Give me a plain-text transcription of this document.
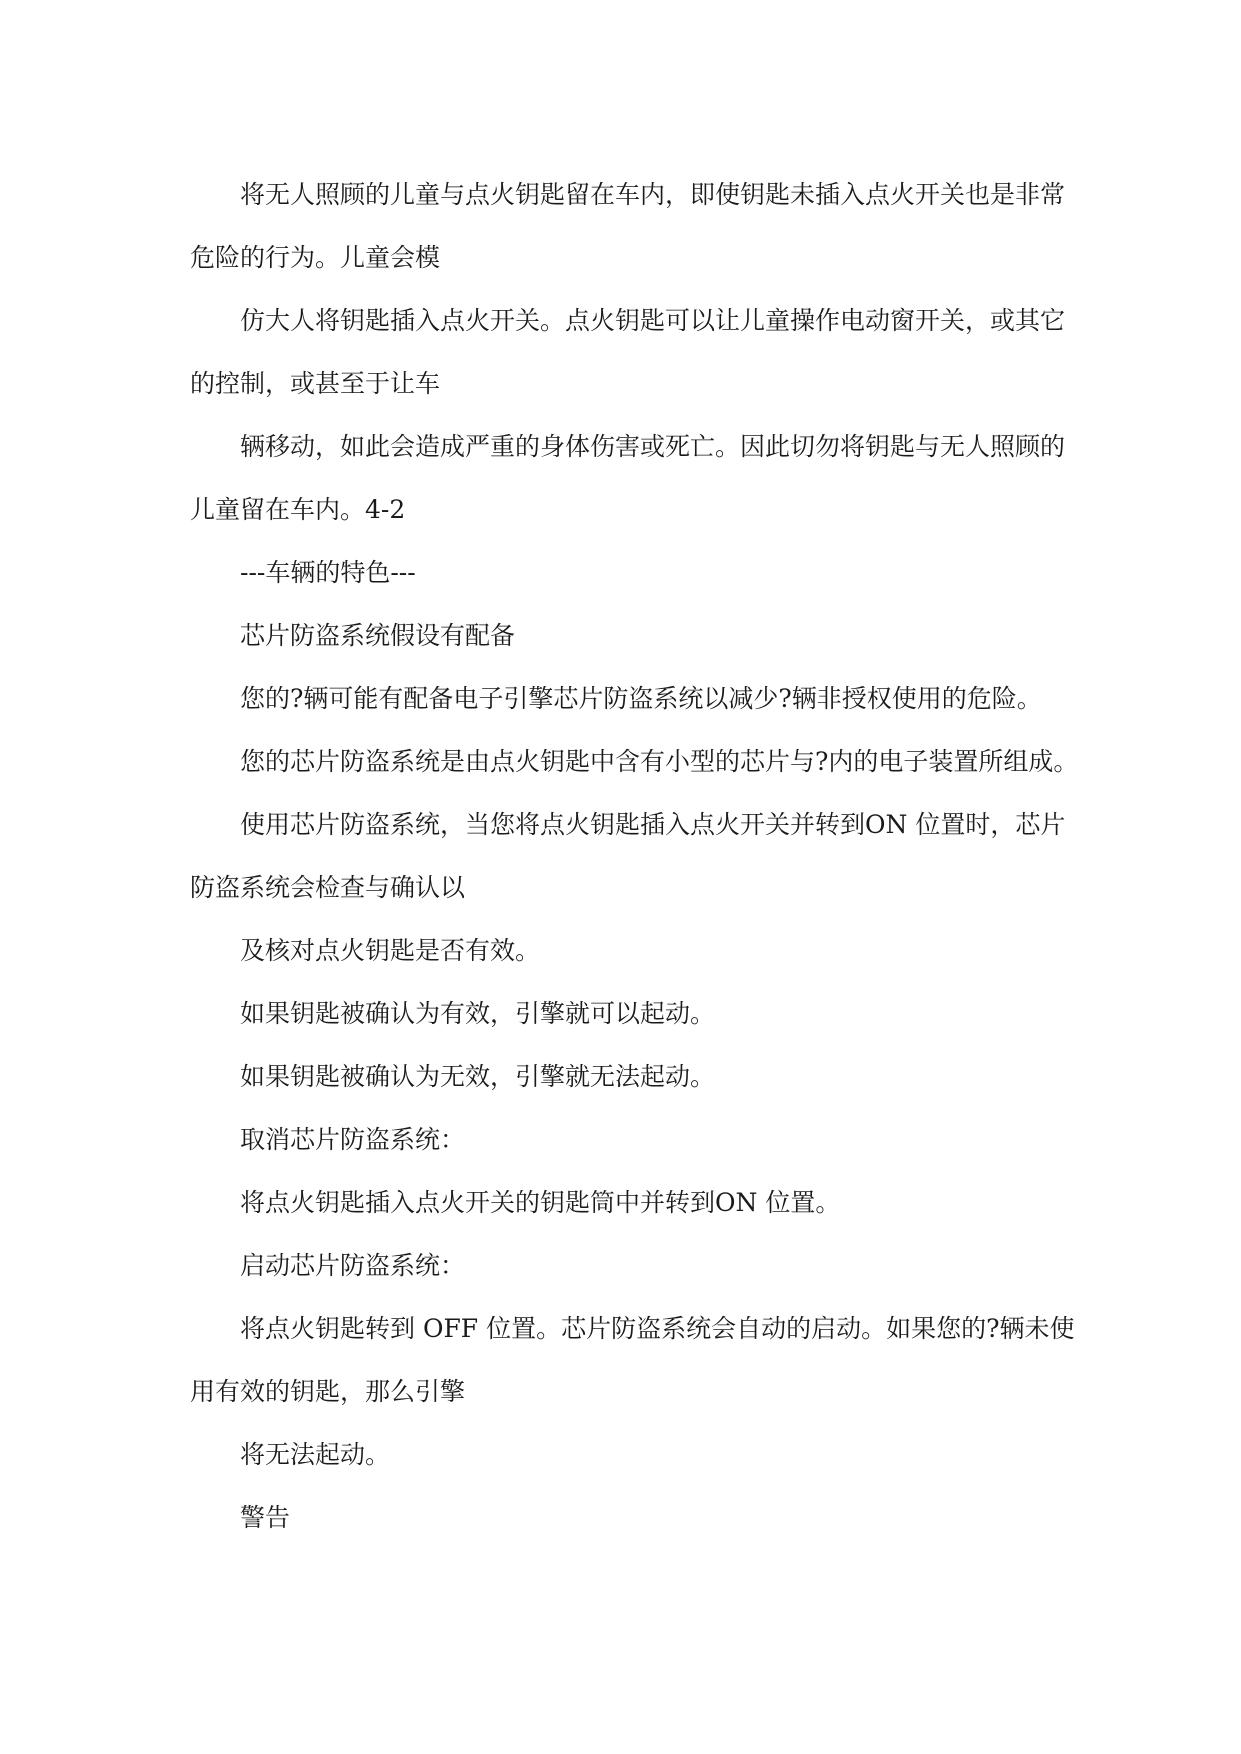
将无人照顾的儿童与点火钥匙留在车内，即使钥匙未插入点火开关也是非常

危险的行为。儿童会模

仿大人将钥匙插入点火开关。点火钥匙可以让儿童操作电动窗开关，或其它

的控制，或甚至于让车

辆移动，如此会造成严重的身体伤害或死亡。因此切勿将钥匙与无人照顾的

儿童留在车内。4-2

---车辆的特色---

芯片防盗系统假设有配备

您的?辆可能有配备电子引擎芯片防盗系统以减少?辆非授权使用的危险。

您的芯片防盗系统是由点火钥匙中含有小型的芯片与?内的电子装置所组成。

使用芯片防盗系统，当您将点火钥匙插入点火开关并转到ON 位置时，芯片

防盗系统会检查与确认以

及核对点火钥匙是否有效。

如果钥匙被确认为有效，引擎就可以起动。

如果钥匙被确认为无效，引擎就无法起动。

取消芯片防盗系统：

将点火钥匙插入点火开关的钥匙筒中并转到ON 位置。

启动芯片防盗系统：

将点火钥匙转到 OFF 位置。芯片防盗系统会自动的启动。如果您的?辆未使

用有效的钥匙，那么引擎

将无法起动。

警告
